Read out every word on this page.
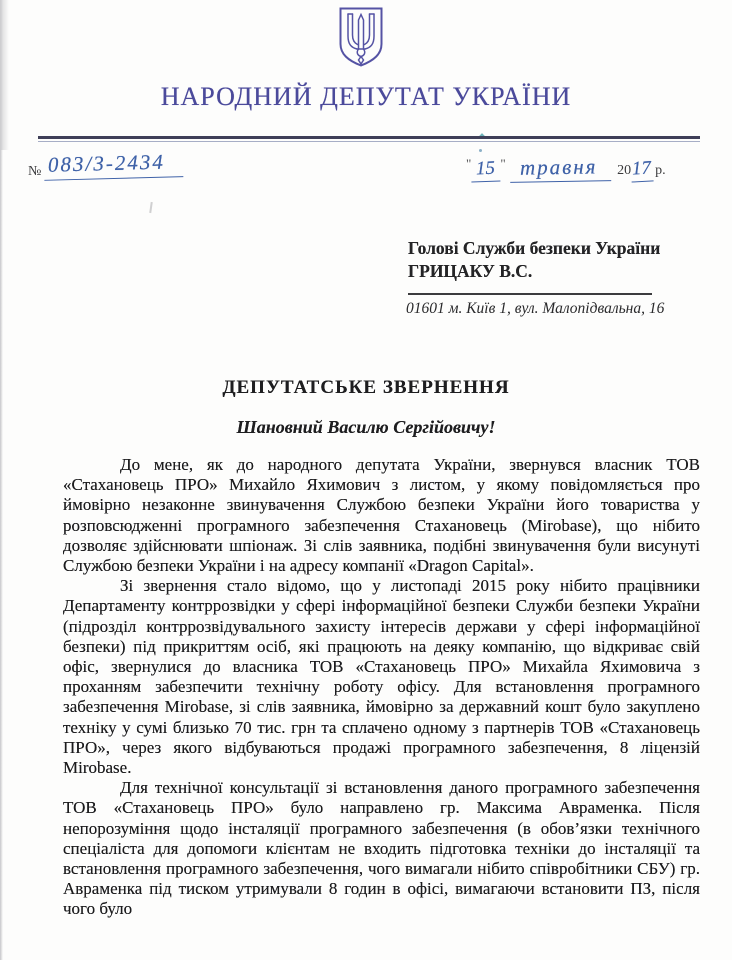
НАРОДНИЙ ДЕПУТАТ УКРАЇНИ
№ 083/3-2434	" 15 " травня 2017 р.
Голові Служби безпеки України
ГРИЦАКУ В.С.
01601 м. Київ 1, вул. Малопідвальна, 16
ДЕПУТАТСЬКЕ ЗВЕРНЕННЯ
Шановний Василю Сергійовичу!

До мене, як до народного депутата України, звернувся власник ТОВ «Стахановець ПРО» Михайло Яхимович з листом, у якому повідомляється про ймовірно незаконне звинувачення Службою безпеки України його товариства у розповсюдженні програмного забезпечення Стахановець (Mirobase), що нібито дозволяє здійснювати шпіонаж. Зі слів заявника, подібні звинувачення були висунуті Службою безпеки України і на адресу компанії «Dragon Capital».

Зі звернення стало відомо, що у листопаді 2015 року нібито працівники Департаменту контррозвідки у сфері інформаційної безпеки Служби безпеки України (підрозділ контррозвідувального захисту інтересів держави у сфері інформаційної безпеки) під прикриттям осіб, які працюють на деяку компанію, що відкриває свій офіс, звернулися до власника ТОВ «Стахановець ПРО» Михайла Яхимовича з проханням забезпечити технічну роботу офісу. Для встановлення програмного забезпечення Mirobase, зі слів заявника, ймовірно за державний кошт було закуплено техніку у сумі близько 70 тис. грн та сплачено одному з партнерів ТОВ «Стахановець ПРО», через якого відбуваються продажі програмного забезпечення, 8 ліцензій Mirobase.

Для технічної консультації зі встановлення даного програмного забезпечення ТОВ «Стахановець ПРО» було направлено гр. Максима Авраменка. Після непорозуміння щодо інсталяції програмного забезпечення (в обов’язки технічного спеціаліста для допомоги клієнтам не входить підготовка техніки до інсталяції та встановлення програмного забезпечення, чого вимагали нібито співробітники СБУ) гр. Авраменка під тиском утримували 8 годин в офісі, вимагаючи встановити ПЗ, після чого було
